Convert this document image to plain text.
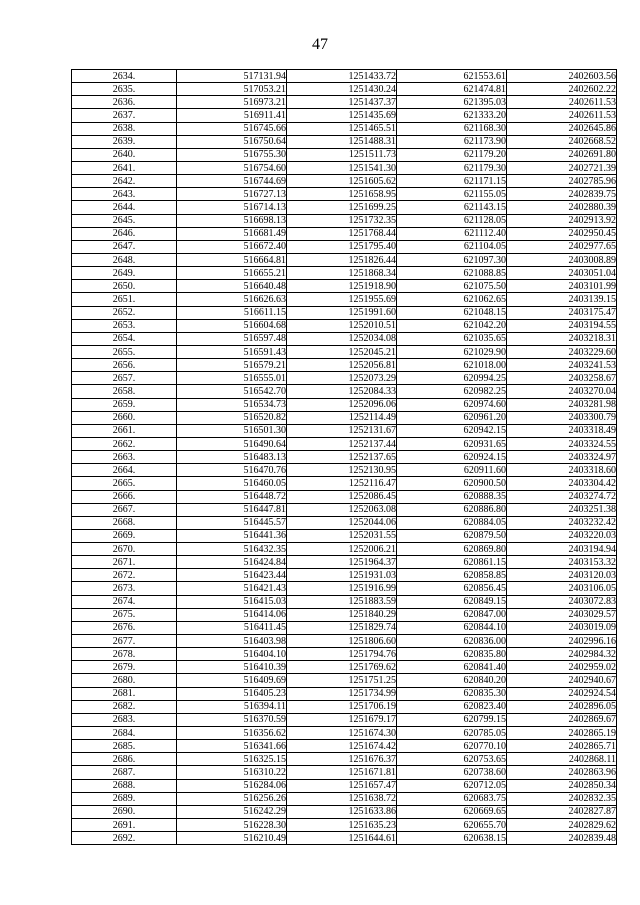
47
2634.	517131.94	1251433.72	621553.61	2402603.56
2635.	517053.21	1251430.24	621474.81	2402602.22
2636.	516973.21	1251437.37	621395.03	2402611.53
2637.	516911.41	1251435.69	621333.20	2402611.53
2638.	516745.66	1251465.51	621168.30	2402645.86
2639.	516750.64	1251488.31	621173.90	2402668.52
2640.	516755.30	1251511.73	621179.20	2402691.80
2641.	516754.60	1251541.30	621179.30	2402721.39
2642.	516744.69	1251605.62	621171.15	2402785.96
2643.	516727.13	1251658.95	621155.05	2402839.75
2644.	516714.13	1251699.25	621143.15	2402880.39
2645.	516698.13	1251732.35	621128.05	2402913.92
2646.	516681.49	1251768.44	621112.40	2402950.45
2647.	516672.40	1251795.40	621104.05	2402977.65
2648.	516664.81	1251826.44	621097.30	2403008.89
2649.	516655.21	1251868.34	621088.85	2403051.04
2650.	516640.48	1251918.90	621075.50	2403101.99
2651.	516626.63	1251955.69	621062.65	2403139.15
2652.	516611.15	1251991.60	621048.15	2403175.47
2653.	516604.68	1252010.51	621042.20	2403194.55
2654.	516597.48	1252034.08	621035.65	2403218.31
2655.	516591.43	1252045.21	621029.90	2403229.60
2656.	516579.21	1252056.81	621018.00	2403241.53
2657.	516555.01	1252073.29	620994.25	2403258.67
2658.	516542.70	1252084.33	620982.25	2403270.04
2659.	516534.73	1252096.06	620974.60	2403281.98
2660.	516520.82	1252114.49	620961.20	2403300.79
2661.	516501.30	1252131.67	620942.15	2403318.49
2662.	516490.64	1252137.44	620931.65	2403324.55
2663.	516483.13	1252137.65	620924.15	2403324.97
2664.	516470.76	1252130.95	620911.60	2403318.60
2665.	516460.05	1252116.47	620900.50	2403304.42
2666.	516448.72	1252086.45	620888.35	2403274.72
2667.	516447.81	1252063.08	620886.80	2403251.38
2668.	516445.57	1252044.06	620884.05	2403232.42
2669.	516441.36	1252031.55	620879.50	2403220.03
2670.	516432.35	1252006.21	620869.80	2403194.94
2671.	516424.84	1251964.37	620861.15	2403153.32
2672.	516423.44	1251931.03	620858.85	2403120.03
2673.	516421.43	1251916.99	620856.45	2403106.05
2674.	516415.03	1251883.59	620849.15	2403072.83
2675.	516414.06	1251840.29	620847.00	2403029.57
2676.	516411.45	1251829.74	620844.10	2403019.09
2677.	516403.98	1251806.60	620836.00	2402996.16
2678.	516404.10	1251794.76	620835.80	2402984.32
2679.	516410.39	1251769.62	620841.40	2402959.02
2680.	516409.69	1251751.25	620840.20	2402940.67
2681.	516405.23	1251734.99	620835.30	2402924.54
2682.	516394.11	1251706.19	620823.40	2402896.05
2683.	516370.59	1251679.17	620799.15	2402869.67
2684.	516356.62	1251674.30	620785.05	2402865.19
2685.	516341.66	1251674.42	620770.10	2402865.71
2686.	516325.15	1251676.37	620753.65	2402868.11
2687.	516310.22	1251671.81	620738.60	2402863.96
2688.	516284.06	1251657.47	620712.05	2402850.34
2689.	516256.26	1251638.72	620683.75	2402832.35
2690.	516242.29	1251633.86	620669.65	2402827.87
2691.	516228.30	1251635.23	620655.70	2402829.62
2692.	516210.49	1251644.61	620638.15	2402839.48
